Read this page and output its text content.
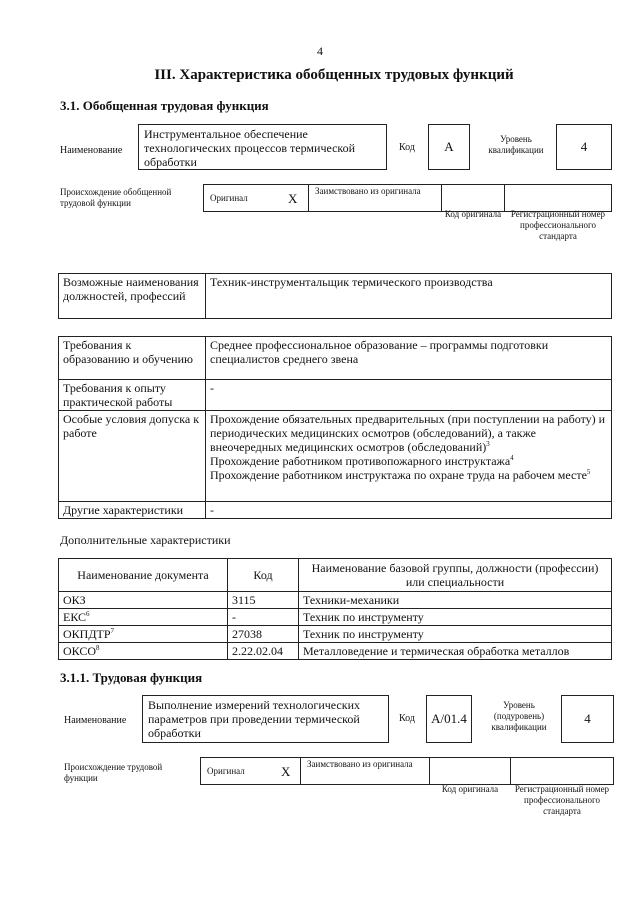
4
III. Характеристика обобщенных трудовых функций
3.1. Обобщенная трудовая функция
Наименование
Инструментальное обеспечение технологических процессов термической обработки
Код	A	Уровень квалификации	4
Происхождение обобщенной трудовой функции	Оригинал	X	Заимствовано из оригинала
Код оригинала	Регистрационный номер профессионального стандарта
Возможные наименования должностей, профессий	Техник-инструментальщик термического производства
Требования к образованию и обучению	Среднее профессиональное образование – программы подготовки специалистов среднего звена
Требования к опыту практической работы	-
Особые условия допуска к работе	Прохождение обязательных предварительных (при поступлении на работу) и периодических медицинских осмотров (обследований), а также внеочередных медицинских осмотров (обследований)$^3$
Прохождение работником противопожарного инструктажа$^4$
Прохождение работником инструктажа по охране труда на рабочем месте$^5$

Другие характеристики	-
Дополнительные характеристики
Наименование документа	Код	Наименование базовой группы, должности (профессии) или специальности
ОКЗ	3115	Техники-механики
ЕКС$^6$	-	Техник по инструменту
ОКПДТР$^7$	27038	Техник по инструменту
ОКСО$^8$	2.22.02.04	Металловедение и термическая обработка металлов
3.1.1. Трудовая функция
Наименование
Выполнение измерений технологических параметров при проведении термической обработки
Код	A/01.4
Уровень (подуровень) квалификации
4
Происхождение трудовой функции
Оригинал	X	Заимствовано из оригинала
Код оригинала	Регистрационный номер профессионального стандарта
